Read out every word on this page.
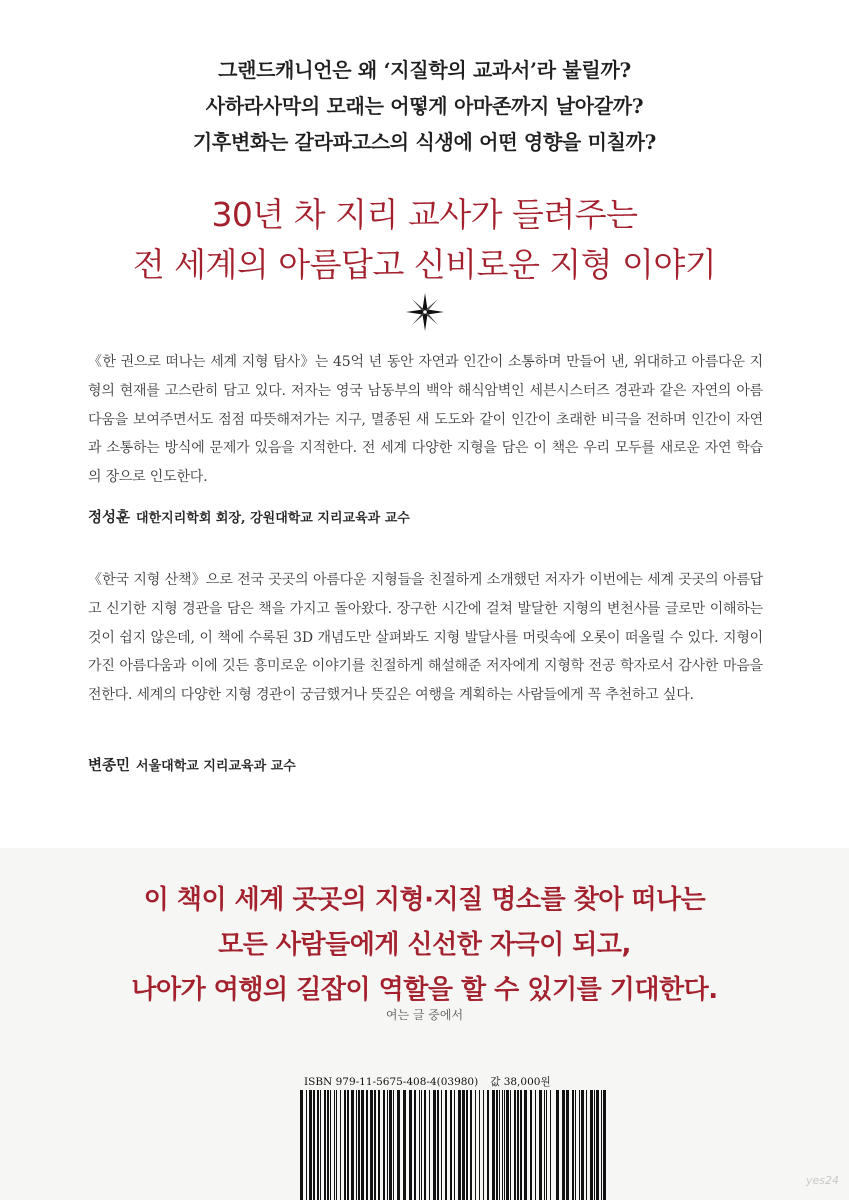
그랜드캐니언은 왜 ‘지질학의 교과서’라 불릴까?
사하라사막의 모래는 어떻게 아마존까지 날아갈까?
기후변화는 갈라파고스의 식생에 어떤 영향을 미칠까?
30년 차 지리 교사가 들려주는
전 세계의 아름답고 신비로운 지형 이야기
《한 권으로 떠나는 세계 지형 탐사》는 45억 년 동안 자연과 인간이 소통하며 만들어 낸, 위대하고 아름다운 지형의 현재를 고스란히 담고 있다. 저자는 영국 남동부의 백악 해식암벽인 세븐시스터즈 경관과 같은 자연의 아름다움을 보여주면서도 점점 따뜻해져가는 지구, 멸종된 새 도도와 같이 인간이 초래한 비극을 전하며 인간이 자연과 소통하는 방식에 문제가 있음을 지적한다. 전 세계 다양한 지형을 담은 이 책은 우리 모두를 새로운 자연 학습의 장으로 인도한다.
정성훈 대한지리학회 회장, 강원대학교 지리교육과 교수
《한국 지형 산책》으로 전국 곳곳의 아름다운 지형들을 친절하게 소개했던 저자가 이번에는 세계 곳곳의 아름답고 신기한 지형 경관을 담은 책을 가지고 돌아왔다. 장구한 시간에 걸쳐 발달한 지형의 변천사를 글로만 이해하는 것이 쉽지 않은데, 이 책에 수록된 3D 개념도만 살펴봐도 지형 발달사를 머릿속에 오롯이 떠올릴 수 있다. 지형이 가진 아름다움과 이에 깃든 흥미로운 이야기를 친절하게 해설해준 저자에게 지형학 전공 학자로서 감사한 마음을 전한다. 세계의 다양한 지형 경관이 궁금했거나 뜻깊은 여행을 계획하는 사람들에게 꼭 추천하고 싶다.
변종민 서울대학교 지리교육과 교수
이 책이 세계 곳곳의 지형·지질 명소를 찾아 떠나는
모든 사람들에게 신선한 자극이 되고,
나아가 여행의 길잡이 역할을 할 수 있기를 기대한다.
여는 글 중에서
ISBN 979-11-5675-408-4(03980) 값 38,000원
yes24
